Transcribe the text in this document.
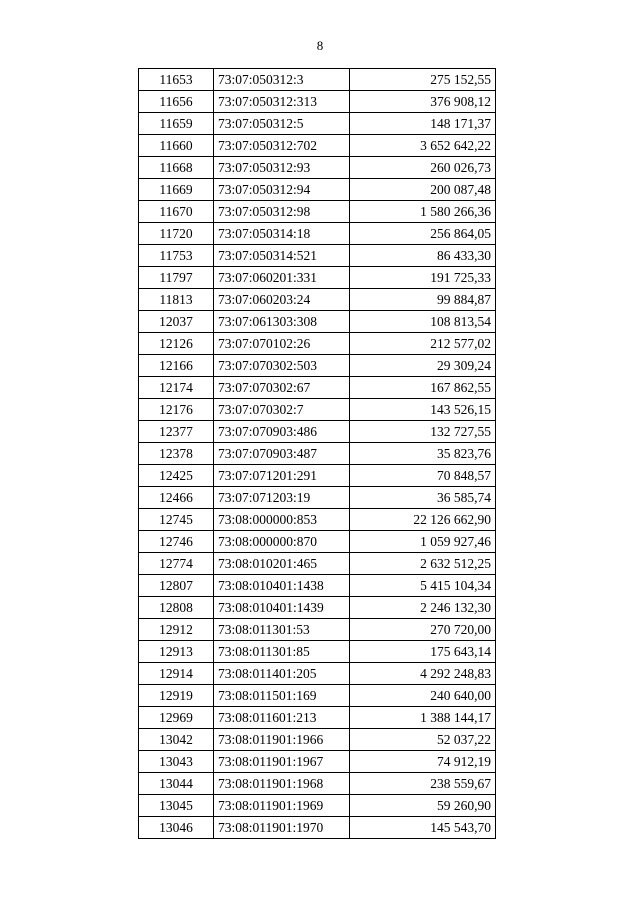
8
11653	73:07:050312:3	275 152,55
11656	73:07:050312:313	376 908,12
11659	73:07:050312:5	148 171,37
11660	73:07:050312:702	3 652 642,22
11668	73:07:050312:93	260 026,73
11669	73:07:050312:94	200 087,48
11670	73:07:050312:98	1 580 266,36
11720	73:07:050314:18	256 864,05
11753	73:07:050314:521	86 433,30
11797	73:07:060201:331	191 725,33
11813	73:07:060203:24	99 884,87
12037	73:07:061303:308	108 813,54
12126	73:07:070102:26	212 577,02
12166	73:07:070302:503	29 309,24
12174	73:07:070302:67	167 862,55
12176	73:07:070302:7	143 526,15
12377	73:07:070903:486	132 727,55
12378	73:07:070903:487	35 823,76
12425	73:07:071201:291	70 848,57
12466	73:07:071203:19	36 585,74
12745	73:08:000000:853	22 126 662,90
12746	73:08:000000:870	1 059 927,46
12774	73:08:010201:465	2 632 512,25
12807	73:08:010401:1438	5 415 104,34
12808	73:08:010401:1439	2 246 132,30
12912	73:08:011301:53	270 720,00
12913	73:08:011301:85	175 643,14
12914	73:08:011401:205	4 292 248,83
12919	73:08:011501:169	240 640,00
12969	73:08:011601:213	1 388 144,17
13042	73:08:011901:1966	52 037,22
13043	73:08:011901:1967	74 912,19
13044	73:08:011901:1968	238 559,67
13045	73:08:011901:1969	59 260,90
13046	73:08:011901:1970	145 543,70
